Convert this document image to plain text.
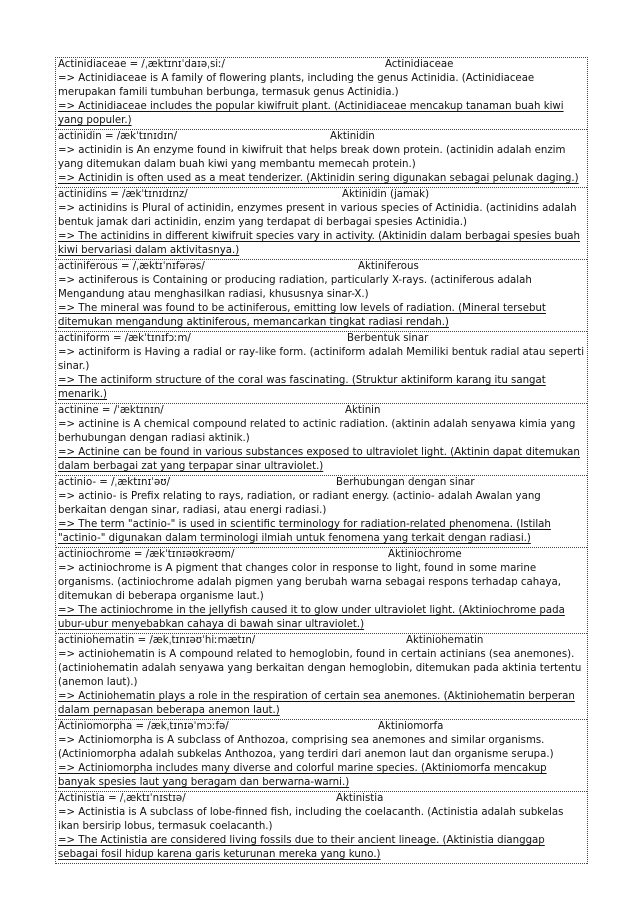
Actinidiaceae = /ˌæktɪnɪˈdaɪəˌsiː/	Actinidiaceae

=> Actinidiaceae is A family of flowering plants, including the genus Actinidia. (Actinidiaceae merupakan famili tumbuhan berbunga, termasuk genus Actinidia.)

=> Actinidiaceae includes the popular kiwifruit plant. (Actinidiaceae mencakup tanaman buah kiwi yang populer.)

actinidin = /ækˈtɪnɪdɪn/	Aktinidin

=> actinidin is An enzyme found in kiwifruit that helps break down protein. (actinidin adalah enzim yang ditemukan dalam buah kiwi yang membantu memecah protein.)

=> Actinidin is often used as a meat tenderizer. (Aktinidin sering digunakan sebagai pelunak daging.)

actinidins = /ækˈtɪnɪdɪnz/	Aktinidin (jamak)

=> actinidins is Plural of actinidin, enzymes present in various species of Actinidia. (actinidins adalah bentuk jamak dari actinidin, enzim yang terdapat di berbagai spesies Actinidia.)

=> The actinidins in different kiwifruit species vary in activity. (Aktinidin dalam berbagai spesies buah kiwi bervariasi dalam aktivitasnya.)

actiniferous = /ˌæktɪˈnɪfərəs/	Aktiniferous

=> actiniferous is Containing or producing radiation, particularly X-rays. (actiniferous adalah Mengandung atau menghasilkan radiasi, khususnya sinar-X.)

=> The mineral was found to be actiniferous, emitting low levels of radiation. (Mineral tersebut ditemukan mengandung aktiniferous, memancarkan tingkat radiasi rendah.)

actiniform = /ækˈtɪnɪfɔːm/	Berbentuk sinar

=> actiniform is Having a radial or ray-like form. (actiniform adalah Memiliki bentuk radial atau seperti sinar.)

=> The actiniform structure of the coral was fascinating. (Struktur aktiniform karang itu sangat menarik.)

actinine = /ˈæktɪnɪn/	Aktinin

=> actinine is A chemical compound related to actinic radiation. (aktinin adalah senyawa kimia yang berhubungan dengan radiasi aktinik.)

=> Actinine can be found in various substances exposed to ultraviolet light. (Aktinin dapat ditemukan dalam berbagai zat yang terpapar sinar ultraviolet.)

actinio- = /ˌæktɪnɪˈəʊ/	Berhubungan dengan sinar

=> actinio- is Prefix relating to rays, radiation, or radiant energy. (actinio- adalah Awalan yang berkaitan dengan sinar, radiasi, atau energi radiasi.)

=> The term "actinio-" is used in scientific terminology for radiation-related phenomena. (Istilah "actinio-" digunakan dalam terminologi ilmiah untuk fenomena yang terkait dengan radiasi.)

actiniochrome = /ækˈtɪnɪəʊkrəʊm/	Aktiniochrome

=> actiniochrome is A pigment that changes color in response to light, found in some marine organisms. (actiniochrome adalah pigmen yang berubah warna sebagai respons terhadap cahaya, ditemukan di beberapa organisme laut.)

=> The actiniochrome in the jellyfish caused it to glow under ultraviolet light. (Aktiniochrome pada ubur-ubur menyebabkan cahaya di bawah sinar ultraviolet.)

actiniohematin = /ækˌtɪnɪəʊˈhiːmætɪn/	Aktiniohematin

=> actiniohematin is A compound related to hemoglobin, found in certain actinians (sea anemones). (actiniohematin adalah senyawa yang berkaitan dengan hemoglobin, ditemukan pada aktinia tertentu (anemon laut).)

=> Actiniohematin plays a role in the respiration of certain sea anemones. (Aktiniohematin berperan dalam pernapasan beberapa anemon laut.)

Actiniomorpha = /ækˌtɪnɪəˈmɔːfə/	Aktiniomorfa

=> Actiniomorpha is A subclass of Anthozoa, comprising sea anemones and similar organisms. (Actiniomorpha adalah subkelas Anthozoa, yang terdiri dari anemon laut dan organisme serupa.)

=> Actiniomorpha includes many diverse and colorful marine species. (Aktiniomorfa mencakup banyak spesies laut yang beragam dan berwarna-warni.)

Actinistia = /ˌæktɪˈnɪstɪə/	Aktinistia

=> Actinistia is A subclass of lobe-finned fish, including the coelacanth. (Actinistia adalah subkelas ikan bersirip lobus, termasuk coelacanth.)

=> The Actinistia are considered living fossils due to their ancient lineage. (Aktinistia dianggap sebagai fosil hidup karena garis keturunan mereka yang kuno.)
